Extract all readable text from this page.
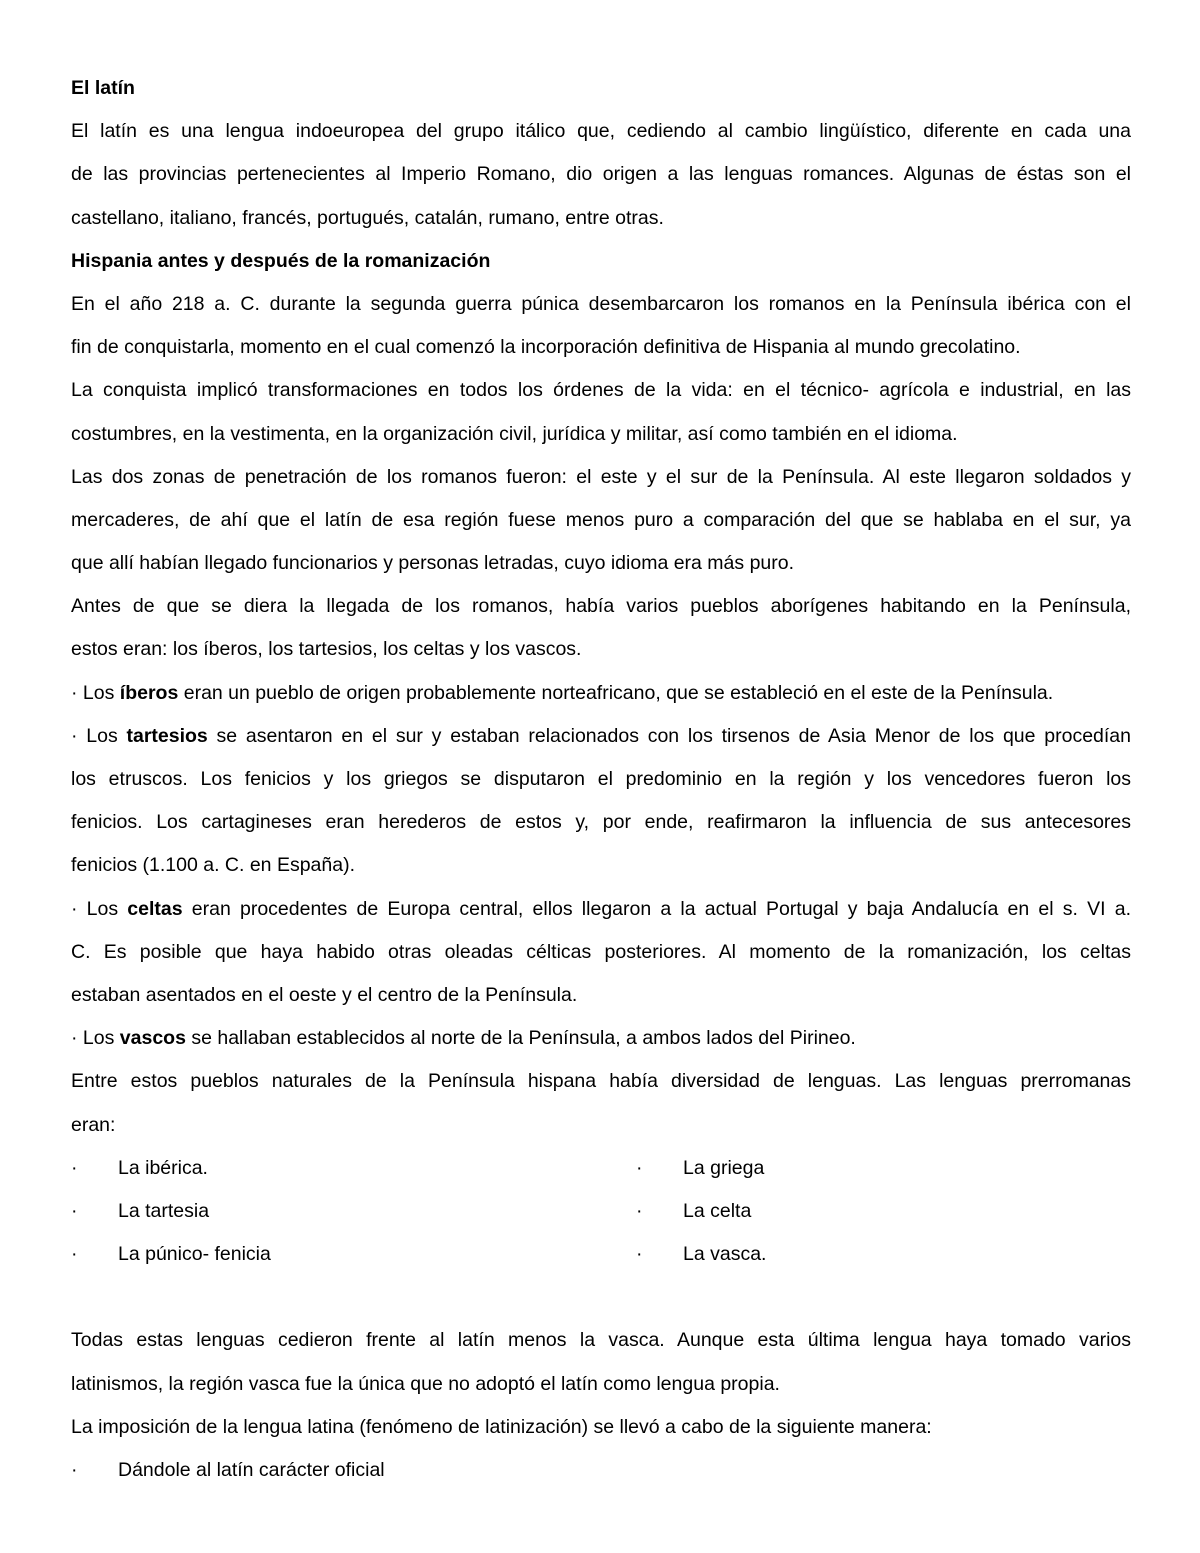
El latín
El latín es una lengua indoeuropea del grupo itálico que, cediendo al cambio lingüístico, diferente en cada una
de las provincias pertenecientes al Imperio Romano, dio origen a las lenguas romances. Algunas de éstas son el
castellano, italiano, francés, portugués, catalán, rumano, entre otras.
Hispania antes y después de la romanización
En el año 218 a. C. durante la segunda guerra púnica desembarcaron los romanos en la Península ibérica con el
fin de conquistarla, momento en el cual comenzó la incorporación definitiva de Hispania al mundo grecolatino.
La conquista implicó transformaciones en todos los órdenes de la vida: en el técnico- agrícola e industrial, en las
costumbres, en la vestimenta, en la organización civil, jurídica y militar, así como también en el idioma.
Las dos zonas de penetración de los romanos fueron: el este y el sur de la Península. Al este llegaron soldados y
mercaderes, de ahí que el latín de esa región fuese menos puro a comparación del que se hablaba en el sur, ya
que allí habían llegado funcionarios y personas letradas, cuyo idioma era más puro.
Antes de que se diera la llegada de los romanos, había varios pueblos aborígenes habitando en la Península,
estos eran: los íberos, los tartesios, los celtas y los vascos.
· Los íberos eran un pueblo de origen probablemente norteafricano, que se estableció en el este de la Península.
· Los tartesios se asentaron en el sur y estaban relacionados con los tirsenos de Asia Menor de los que procedían
los etruscos. Los fenicios y los griegos se disputaron el predominio en la región y los vencedores fueron los
fenicios. Los cartagineses eran herederos de estos y, por ende, reafirmaron la influencia de sus antecesores
fenicios (1.100 a. C. en España).
· Los celtas eran procedentes de Europa central, ellos llegaron a la actual Portugal y baja Andalucía en el s. VI a.
C. Es posible que haya habido otras oleadas célticas posteriores. Al momento de la romanización, los celtas
estaban asentados en el oeste y el centro de la Península.
· Los vascos se hallaban establecidos al norte de la Península, a ambos lados del Pirineo.
Entre estos pueblos naturales de la Península hispana había diversidad de lenguas. Las lenguas prerromanas
eran:
· La ibérica.
· La tartesia
· La púnico- fenicia
· La griega
· La celta
· La vasca.
Todas estas lenguas cedieron frente al latín menos la vasca. Aunque esta última lengua haya tomado varios
latinismos, la región vasca fue la única que no adoptó el latín como lengua propia.
La imposición de la lengua latina (fenómeno de latinización) se llevó a cabo de la siguiente manera:
· Dándole al latín carácter oficial
